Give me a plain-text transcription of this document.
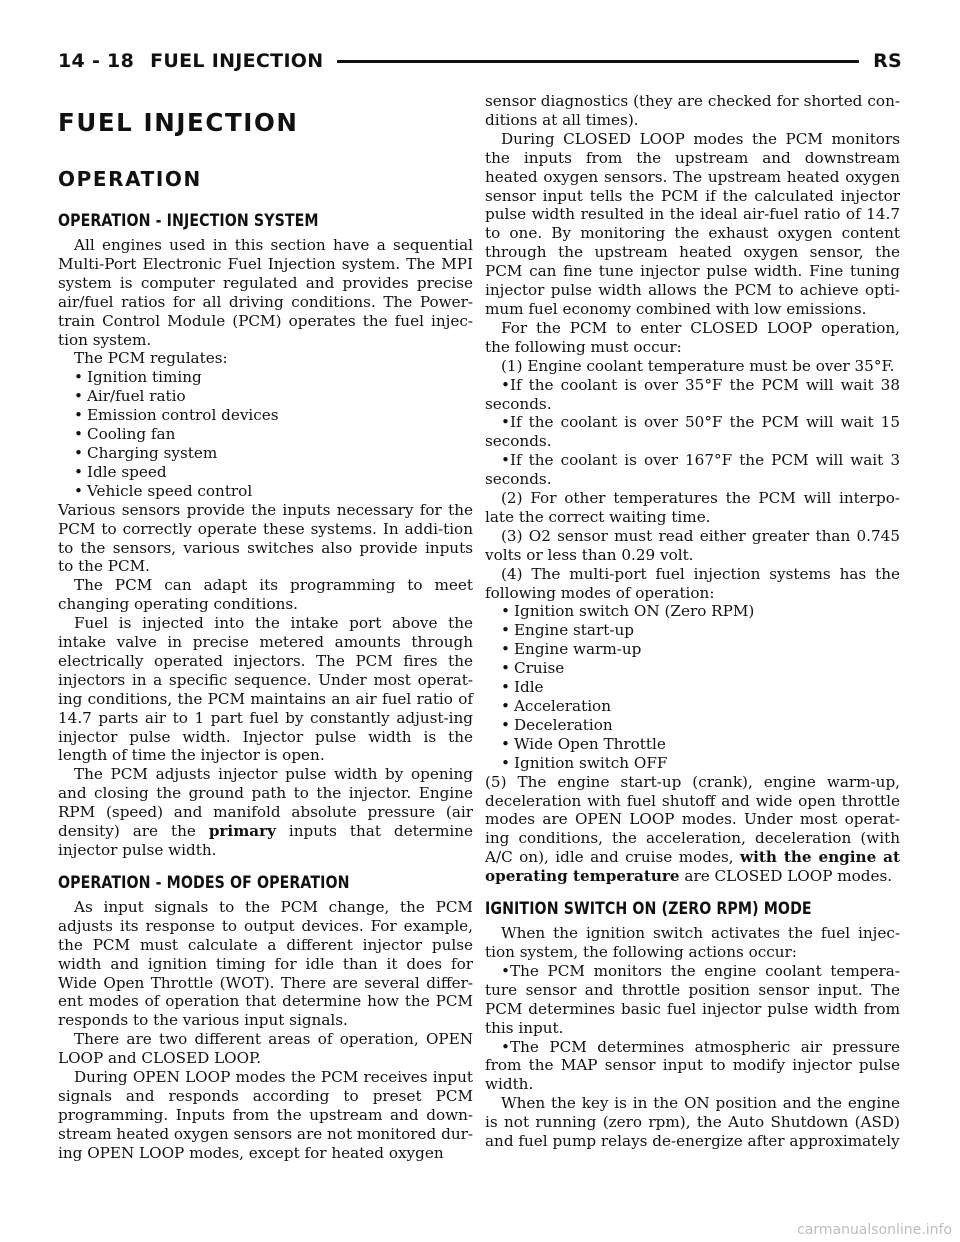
14 - 18 FUEL INJECTION	RS
FUEL INJECTION
OPERATION
OPERATION - INJECTION SYSTEM

All engines used in this section have a sequential Multi-Port Electronic Fuel Injection system. The MPI system is computer regulated and provides precise air/fuel ratios for all driving conditions. The Power-train Control Module (PCM) operates the fuel injec-tion system.

The PCM regulates:

• Ignition timing

• Air/fuel ratio

• Emission control devices

• Cooling fan

• Charging system

• Idle speed

• Vehicle speed control

Various sensors provide the inputs necessary for the PCM to correctly operate these systems. In addi-tion to the sensors, various switches also provide inputs to the PCM.

The PCM can adapt its programming to meet changing operating conditions.

Fuel is injected into the intake port above the intake valve in precise metered amounts through electrically operated injectors. The PCM fires the injectors in a specific sequence. Under most operat-ing conditions, the PCM maintains an air fuel ratio of 14.7 parts air to 1 part fuel by constantly adjust-ing injector pulse width. Injector pulse width is the length of time the injector is open.

The PCM adjusts injector pulse width by opening and closing the ground path to the injector. Engine RPM (speed) and manifold absolute pressure (air density) are the primary inputs that determine injector pulse width.

OPERATION - MODES OF OPERATION

As input signals to the PCM change, the PCM adjusts its response to output devices. For example, the PCM must calculate a different injector pulse width and ignition timing for idle than it does for Wide Open Throttle (WOT). There are several differ-ent modes of operation that determine how the PCM responds to the various input signals.

There are two different areas of operation, OPEN LOOP and CLOSED LOOP.

During OPEN LOOP modes the PCM receives input signals and responds according to preset PCM programming. Inputs from the upstream and down-stream heated oxygen sensors are not monitored dur-ing OPEN LOOP modes, except for heated oxygen

sensor diagnostics (they are checked for shorted con-ditions at all times).

During CLOSED LOOP modes the PCM monitors the inputs from the upstream and downstream heated oxygen sensors. The upstream heated oxygen sensor input tells the PCM if the calculated injector pulse width resulted in the ideal air-fuel ratio of 14.7 to one. By monitoring the exhaust oxygen content through the upstream heated oxygen sensor, the PCM can fine tune injector pulse width. Fine tuning injector pulse width allows the PCM to achieve opti-mum fuel economy combined with low emissions.

For the PCM to enter CLOSED LOOP operation, the following must occur:

(1) Engine coolant temperature must be over 35°F.

•If the coolant is over 35°F the PCM will wait 38 seconds.

•If the coolant is over 50°F the PCM will wait 15 seconds.

•If the coolant is over 167°F the PCM will wait 3 seconds.

(2) For other temperatures the PCM will interpo-late the correct waiting time.

(3) O2 sensor must read either greater than 0.745 volts or less than 0.29 volt.

(4) The multi-port fuel injection systems has the following modes of operation:

• Ignition switch ON (Zero RPM)

• Engine start-up

• Engine warm-up

• Cruise

• Idle

• Acceleration

• Deceleration

• Wide Open Throttle

• Ignition switch OFF

(5) The engine start-up (crank), engine warm-up, deceleration with fuel shutoff and wide open throttle modes are OPEN LOOP modes. Under most operat-ing conditions, the acceleration, deceleration (with A/C on), idle and cruise modes, with the engine at operating temperature are CLOSED LOOP modes.

IGNITION SWITCH ON (ZERO RPM) MODE

When the ignition switch activates the fuel injec-tion system, the following actions occur:

•The PCM monitors the engine coolant tempera-ture sensor and throttle position sensor input. The PCM determines basic fuel injector pulse width from this input.

•The PCM determines atmospheric air pressure from the MAP sensor input to modify injector pulse width.

When the key is in the ON position and the engine is not running (zero rpm), the Auto Shutdown (ASD) and fuel pump relays de-energize after approximately

carmanualsonline.info
